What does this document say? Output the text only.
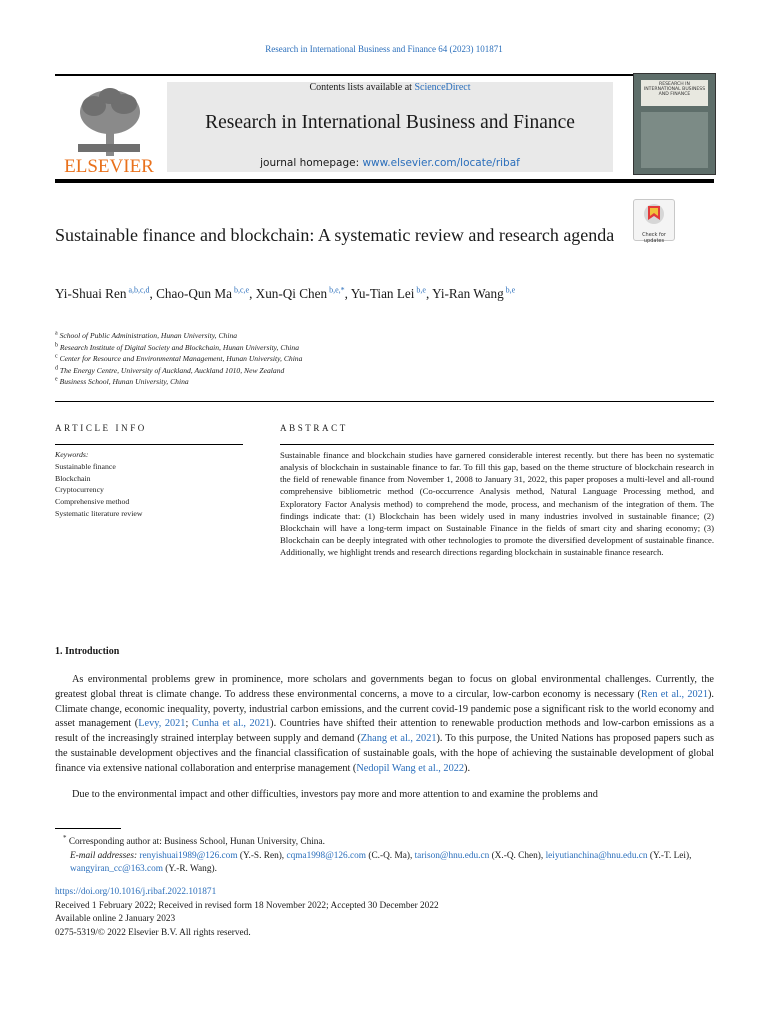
Research in International Business and Finance 64 (2023) 101871
ELSEVIER
Contents lists available at ScienceDirect
Research in International Business and Finance
journal homepage: www.elsevier.com/locate/ribaf
RESEARCH IN INTERNATIONAL BUSINESS AND FINANCE
Check for updates
Sustainable finance and blockchain: A systematic review and research agenda
Yi-Shuai Ren $^{a,b,c,d}$, Chao-Qun Ma $^{b,c,e}$, Xun-Qi Chen $^{b,e,*}$, Yu-Tian Lei $^{b,e}$, Yi-Ran Wang $^{b,e}$
$^a$ School of Public Administration, Hunan University, China
$^b$ Research Institute of Digital Society and Blockchain, Hunan University, China
$^c$ Center for Resource and Environmental Management, Hunan University, China
$^d$ The Energy Centre, University of Auckland, Auckland 1010, New Zealand
$^e$ Business School, Hunan University, China
ARTICLE INFO
Keywords:
Sustainable finance
Blockchain
Cryptocurrency
Comprehensive method
Systematic literature review
ABSTRACT
Sustainable finance and blockchain studies have garnered considerable interest recently. but there has been no systematic analysis of blockchain in sustainable finance to far. To fill this gap, based on the theme structure of blockchain research in the field of renewable finance from November 1, 2008 to January 31, 2022, this paper proposes a multi-level and all-round comprehensive bibliometric method (Co-occurrence Analysis method, Natural Language Processing method, and Exploratory Factor Analysis method) to comprehend the mode, process, and mechanism of the integration of them. The findings indicate that: (1) Blockchain has been widely used in many industries involved in sustainable finance; (2) Blockchain will have a long-term impact on Sustainable Finance in the fields of smart city and sharing economy; (3) Blockchain can be deeply integrated with other technologies to promote the diversified development of sustainable finance. Additionally, we highlight trends and research directions regarding blockchain in sustainable finance research.
1. Introduction
As environmental problems grew in prominence, more scholars and governments began to focus on global environmental challenges. Currently, the greatest global threat is climate change. To address these environmental concerns, a move to a circular, low-carbon economy is necessary (Ren et al., 2021). Climate change, economic inequality, poverty, industrial carbon emissions, and the current covid-19 pandemic pose a significant risk to the world economy and asset management (Levy, 2021; Cunha et al., 2021). Countries have shifted their attention to renewable production methods and low-carbon emissions as a result of the increasingly strained interplay between supply and demand (Zhang et al., 2021). To this purpose, the United Nations has proposed papers such as the sustainable development objectives and the financial classification of sustainable goals, with the hope of achieving the sustainable development of global finance via extensive national collaboration and enterprise management (Nedopil Wang et al., 2022).
Due to the environmental impact and other difficulties, investors pay more and more attention to and examine the problems and
* Corresponding author at: Business School, Hunan University, China.
E-mail addresses: renyishuai1989@126.com (Y.-S. Ren), cqma1998@126.com (C.-Q. Ma), tarison@hnu.edu.cn (X.-Q. Chen), leiyutianchina@hnu.edu.cn (Y.-T. Lei), wangyiran_cc@163.com (Y.-R. Wang).
https://doi.org/10.1016/j.ribaf.2022.101871
Received 1 February 2022; Received in revised form 18 November 2022; Accepted 30 December 2022
Available online 2 January 2023
0275-5319/© 2022 Elsevier B.V. All rights reserved.
